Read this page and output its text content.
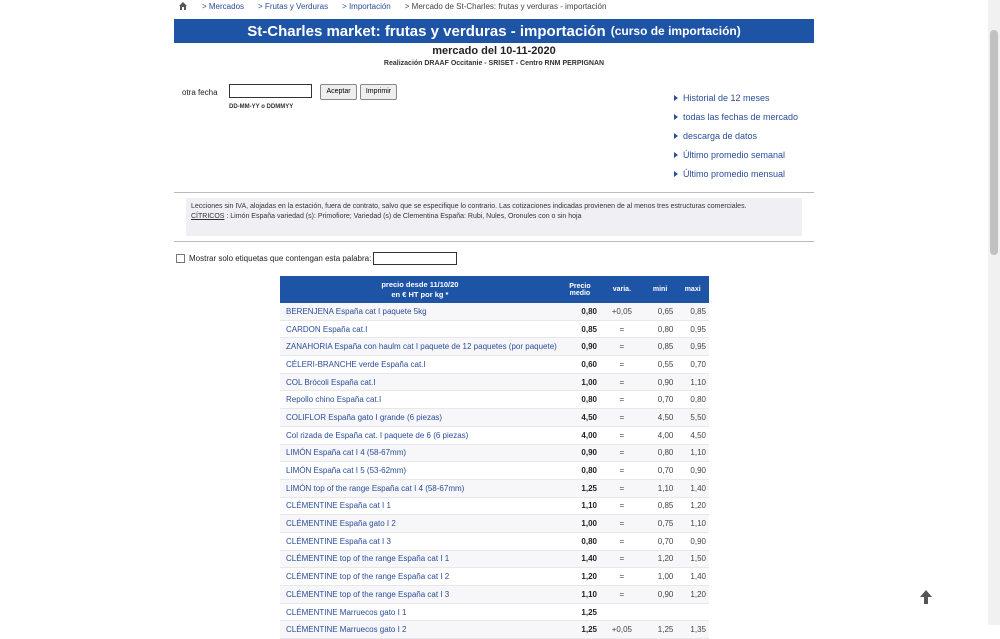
> Mercados > Frutas y Verduras > Importación > Mercado de St-Charles: frutas y verduras - importación
St-Charles market: frutas y verduras - importación (curso de importación)
mercado del 10-11-2020
Realización DRAAF Occitanie - SRISET - Centro RNM PERPIGNAN
otra fecha	Aceptar	Imprimir
DD-MM-YY o DDMMYY
Historial de 12 meses
todas las fechas de mercado
descarga de datos
Último promedio semanal
Último promedio mensual
Lecciones sin IVA, alojadas en la estación, fuera de contrato, salvo que se especifique lo contrario. Las cotizaciones indicadas provienen de al menos tres estructuras comerciales.
CÍTRICOS : Limón España variedad (s): Primofiore; Variedad (s) de Clementina España: Rubi, Nules, Oronules con o sin hoja
Mostrar solo etiquetas que contengan esta palabra:
precio desde 11/10/20
en € HT por kg *	Precio medio	varia.	mini	maxi
BERENJENA España cat I paquete 5kg	0,80	+0,05	0,65	0,85
CARDON España cat.I	0,85	=	0,80	0,95
ZANAHORIA España con haulm cat I paquete de 12 paquetes (por paquete)	0,90	=	0,85	0,95
CÉLERI-BRANCHE verde España cat.I	0,60	=	0,55	0,70
COL Brócoli España cat.I	1,00	=	0,90	1,10
Repollo chino España cat.I	0,80	=	0,70	0,80
COLIFLOR España gato I grande (6 piezas)	4,50	=	4,50	5,50
Col rizada de España cat. I paquete de 6 (6 piezas)	4,00	=	4,00	4,50
LIMÓN España cat I 4 (58-67mm)	0,90	=	0,80	1,10
LIMÓN España cat I 5 (53-62mm)	0,80	=	0,70	0,90
LIMÓN top of the range España cat I 4 (58-67mm)	1,25	=	1,10	1,40
CLÉMENTINE España cat I 1	1,10	=	0,85	1,20
CLÉMENTINE España gato I 2	1,00	=	0,75	1,10
CLÉMENTINE España cat I 3	0,80	=	0,70	0,90
CLÉMENTINE top of the range España cat I 1	1,40	=	1,20	1,50
CLÉMENTINE top of the range España cat I 2	1,20	=	1,00	1,40
CLÉMENTINE top of the range España cat I 3	1,10	=	0,90	1,20
CLÉMENTINE Marruecos gato I 1	1,25			
CLÉMENTINE Marruecos gato I 2	1,25	+0,05	1,25	1,35
